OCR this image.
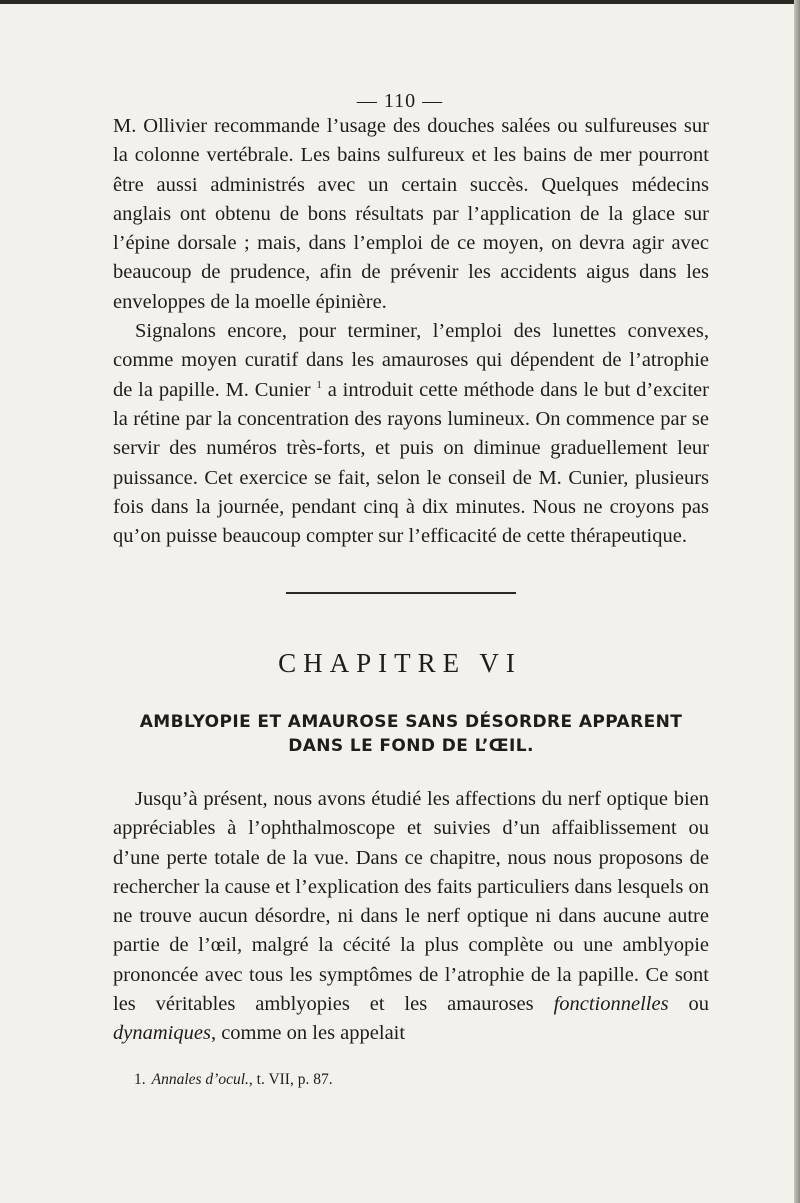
— 110 —

M. Ollivier recommande l’usage des douches salées ou sulfureuses sur la colonne vertébrale. Les bains sulfureux et les bains de mer pourront être aussi administrés avec un certain succès. Quelques médecins anglais ont obtenu de bons résultats par l’application de la glace sur l’épine dorsale ; mais, dans l’emploi de ce moyen, on devra agir avec beaucoup de prudence, afin de prévenir les accidents aigus dans les enveloppes de la moelle épinière.

Signalons encore, pour terminer, l’emploi des lunettes convexes, comme moyen curatif dans les amauroses qui dépendent de l’atrophie de la papille. M. Cunier $^1$ a introduit cette méthode dans le but d’exciter la rétine par la concentration des rayons lumineux. On commence par se servir des numéros très-forts, et puis on diminue graduellement leur puissance. Cet exercice se fait, selon le conseil de M. Cunier, plusieurs fois dans la journée, pendant cinq à dix minutes. Nous ne croyons pas qu’on puisse beaucoup compter sur l’efficacité de cette thérapeutique.

CHAPITRE VI
AMBLYOPIE ET AMAUROSE SANS DÉSORDRE APPARENT
DANS LE FOND DE L’ŒIL.

Jusqu’à présent, nous avons étudié les affections du nerf optique bien appréciables à l’ophthalmoscope et suivies d’un affaiblissement ou d’une perte totale de la vue. Dans ce chapitre, nous nous proposons de rechercher la cause et l’explication des faits particuliers dans lesquels on ne trouve aucun désordre, ni dans le nerf optique ni dans aucune autre partie de l’œil, malgré la cécité la plus complète ou une amblyopie prononcée avec tous les symptômes de l’atrophie de la papille. Ce sont les véritables amblyopies et les amauroses fonctionnelles ou dynamiques, comme on les appelait

1. Annales d’ocul., t. VII, p. 87.
